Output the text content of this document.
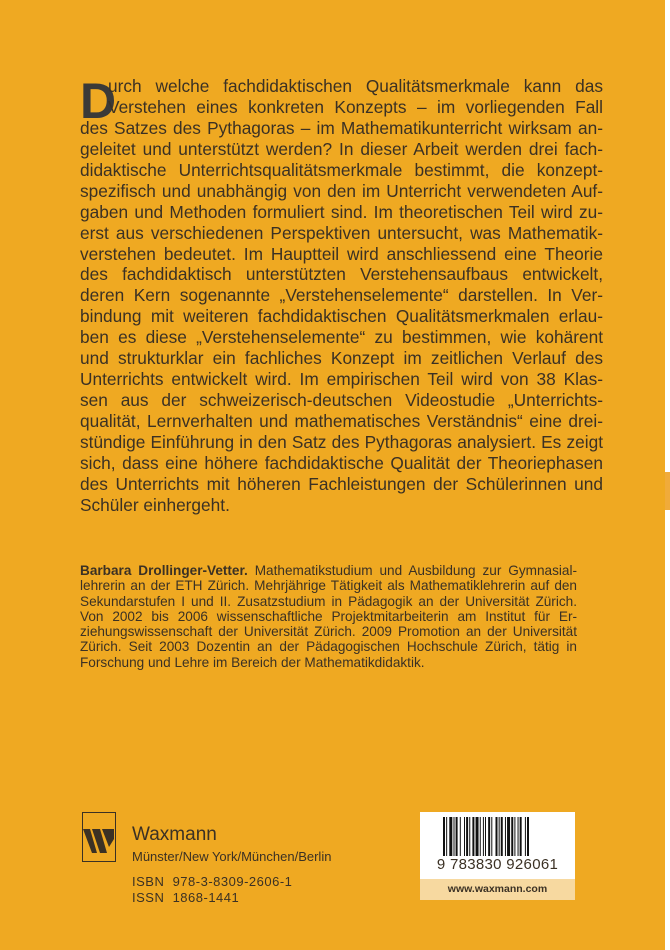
D
urch welche fachdidaktischen Qualitätsmerkmale kann das
Verstehen eines konkreten Konzepts – im vorliegenden Fall
des Satzes des Pythagoras – im Mathematikunterricht wirksam an-
geleitet und unterstützt werden? In dieser Arbeit werden drei fach-
didaktische Unterrichtsqualitätsmerkmale bestimmt, die konzept-
spezifisch und unabhängig von den im Unterricht verwendeten Auf-
gaben und Methoden formuliert sind. Im theoretischen Teil wird zu-
erst aus verschiedenen Perspektiven untersucht, was Mathematik-
verstehen bedeutet. Im Hauptteil wird anschliessend eine Theorie
des fachdidaktisch unterstützten Verstehensaufbaus entwickelt,
deren Kern sogenannte „Verstehenselemente“ darstellen. In Ver-
bindung mit weiteren fachdidaktischen Qualitätsmerkmalen erlau-
ben es diese „Verstehenselemente“ zu bestimmen, wie kohärent
und strukturklar ein fachliches Konzept im zeitlichen Verlauf des
Unterrichts entwickelt wird. Im empirischen Teil wird von 38 Klas-
sen aus der schweizerisch-deutschen Videostudie „Unterrichts-
qualität, Lernverhalten und mathematisches Verständnis“ eine drei-
stündige Einführung in den Satz des Pythagoras analysiert. Es zeigt
sich, dass eine höhere fachdidaktische Qualität der Theoriephasen
des Unterrichts mit höheren Fachleistungen der Schülerinnen und
Schüler einhergeht.
Barbara Drollinger-Vetter. Mathematikstudium und Ausbildung zur Gymnasial-
lehrerin an der ETH Zürich. Mehrjährige Tätigkeit als Mathematiklehrerin auf den
Sekundarstufen I und II. Zusatzstudium in Pädagogik an der Universität Zürich.
Von 2002 bis 2006 wissenschaftliche Projektmitarbeiterin am Institut für Er-
ziehungswissenschaft der Universität Zürich. 2009 Promotion an der Universität
Zürich. Seit 2003 Dozentin an der Pädagogischen Hochschule Zürich, tätig in
Forschung und Lehre im Bereich der Mathematikdidaktik.
Waxmann
Münster/New York/München/Berlin
ISBN  978-3-8309-2606-1
ISSN  1868-1441
9 783830 926061
www.waxmann.com
